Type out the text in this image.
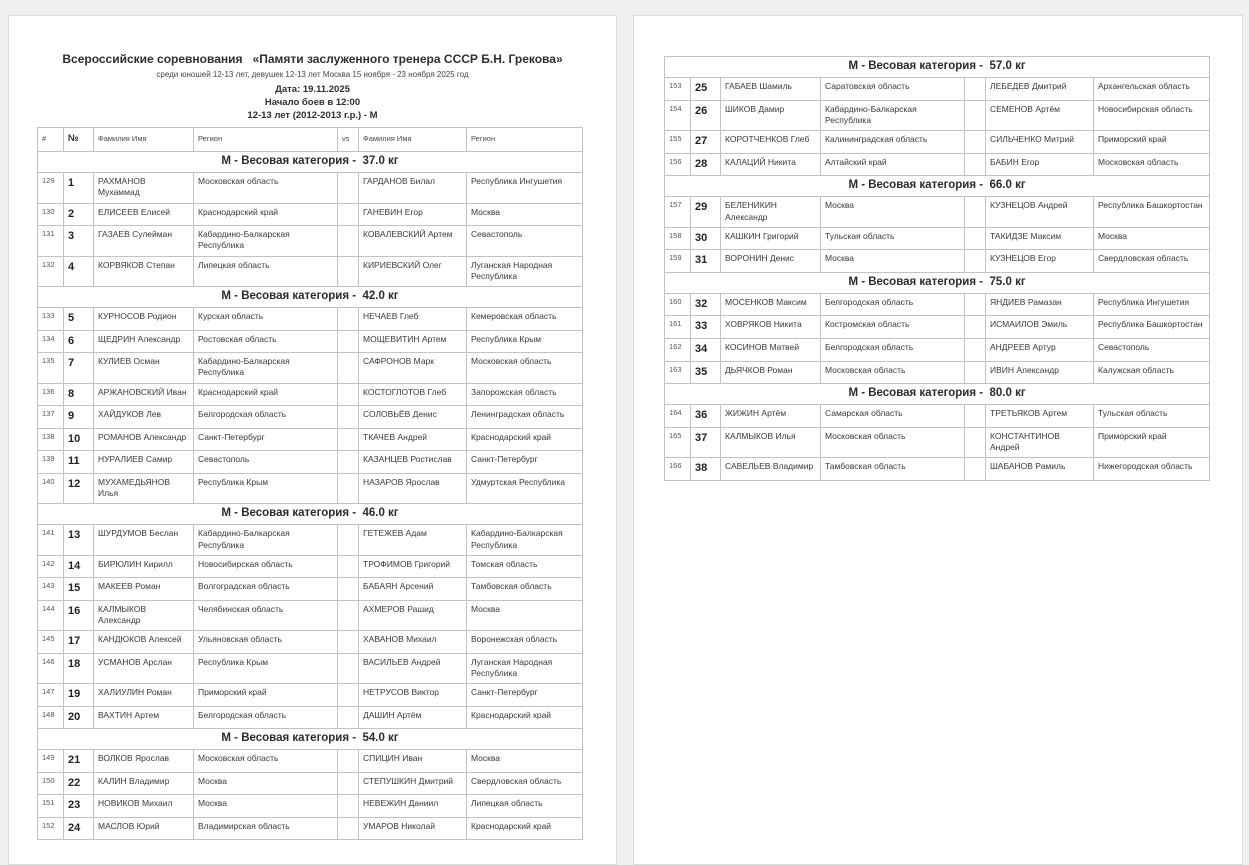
Всероссийские соревнования   «Памяти заслуженного тренера СССР Б.Н. Грекова»
среди юношей 12-13 лет, девушек 12-13 лет Москва 15 ноября - 23 ноября 2025 год
Дата: 19.11.2025
Начало боев в 12:00
12-13 лет (2012-2013 г.р.) - М
#	№	Фамилия Имя	Регион	vs	Фамилия Имя	Регион
М - Весовая категория -  37.0 кг						
129	1	РАХМАНОВ Мухаммад	Московская область		ГАРДАНОВ Билал	Республика Ингушетия
130	2	ЕЛИСЕЕВ Елисей	Краснодарский край		ГАНЕВИН Егор	Москва
131	3	ГАЗАЕВ Сулейман	Кабардино-Балкарская Республика		КОВАЛЕВСКИЙ Артем	Севастополь
132	4	КОРВЯКОВ Степан	Липецкая область		КИРИЕВСКИЙ Олег	Луганская Народная Республика
М - Весовая категория -  42.0 кг						
133	5	КУРНОСОВ Родион	Курская область		НЕЧАЕВ Глеб	Кемеровская область
134	6	ЩЕДРИН Александр	Ростовская область		МОЩЕВИТИН Артем	Республика Крым
135	7	КУЛИЕВ Осман	Кабардино-Балкарская Республика		САФРОНОВ Марк	Московская область
136	8	АРЖАНОВСКИЙ Иван	Краснодарский край		КОСТОГЛОТОВ Глеб	Запорожская область
137	9	ХАЙДУКОВ Лев	Белгородская область		СОЛОВЬЁВ Денис	Ленинградская область
138	10	РОМАНОВ Александр	Санкт-Петербург		ТКАЧЕВ Андрей	Краснодарский край
139	11	НУРАЛИЕВ Самир	Севастополь		КАЗАНЦЕВ Ростислав	Санкт-Петербург
140	12	МУХАМЕДЬЯНОВ Илья	Республика Крым		НАЗАРОВ Ярослав	Удмуртская Республика
М - Весовая категория -  46.0 кг						
141	13	ШУРДУМОВ Беслан	Кабардино-Балкарская Республика		ГЕТЕЖЕВ Адам	Кабардино-Балкарская Республика
142	14	БИРЮЛИН Кирилл	Новосибирская область		ТРОФИМОВ Григорий	Томская область
143	15	МАКЕЕВ Роман	Волгоградская область		БАБАЯН Арсений	Тамбовская область
144	16	КАЛМЫКОВ Александр	Челябинская область		АХМЕРОВ Рашид	Москва
145	17	КАНДЮКОВ Алексей	Ульяновская область		ХАВАНОВ Михаил	Воронежская область
146	18	УСМАНОВ Арслан	Республика Крым		ВАСИЛЬЕВ Андрей	Луганская Народная Республика
147	19	ХАЛИУЛИН Роман	Приморский край		НЕТРУСОВ Виктор	Санкт-Петербург
148	20	ВАХТИН Артем	Белгородская область		ДАШИН Артём	Краснодарский край
М - Весовая категория -  54.0 кг						
149	21	ВОЛКОВ Ярослав	Московская область		СПИЦИН Иван	Москва
150	22	КАЛИН Владимир	Москва		СТЕПУШКИН Дмитрий	Свердловская область
151	23	НОВИКОВ Михаил	Москва		НЕВЕЖИН Даниил	Липецкая область
152	24	МАСЛОВ Юрий	Владимирская область		УМАРОВ Николай	Краснодарский край
М - Весовая категория -  57.0 кг						
153	25	ГАБАЕВ Шамиль	Саратовская область		ЛЕБЕДЕВ Дмитрий	Архангельская область
154	26	ШИКОВ Дамир	Кабардино-Балкарская Республика		СЕМЕНОВ Артём	Новосибирская область
155	27	КОРОТЧЕНКОВ Глеб	Калининградская область		СИЛЬЧЕНКО Митрий	Приморский край
156	28	КАЛАЦИЙ Никита	Алтайский край		БАБИН Егор	Московская область
М - Весовая категория -  66.0 кг						
157	29	БЕЛЕНИКИН Александр	Москва		КУЗНЕЦОВ Андрей	Республика Башкортостан
158	30	КАШКИН Григорий	Тульская область		ТАКИДЗЕ Максим	Москва
159	31	ВОРОНИН Денис	Москва		КУЗНЕЦОВ Егор	Свердловская область
М - Весовая категория -  75.0 кг						
160	32	МОСЕНКОВ Максим	Белгородская область		ЯНДИЕВ Рамазан	Республика Ингушетия
161	33	ХОВРЯКОВ Никита	Костромская область		ИСМАИЛОВ Эмиль	Республика Башкортостан
162	34	КОСИНОВ Матвей	Белгородская область		АНДРЕЕВ Артур	Севастополь
163	35	ДЬЯЧКОВ Роман	Московская область		ИВИН Александр	Калужская область
М - Весовая категория -  80.0 кг						
164	36	ЖИЖИН Артём	Самарская область		ТРЕТЬЯКОВ Артем	Тульская область
165	37	КАЛМЫКОВ Илья	Московская область		КОНСТАНТИНОВ Андрей	Приморский край
166	38	САВЕЛЬЕВ Владимир	Тамбовская область		ШАБАНОВ Рамиль	Нижегородская область
